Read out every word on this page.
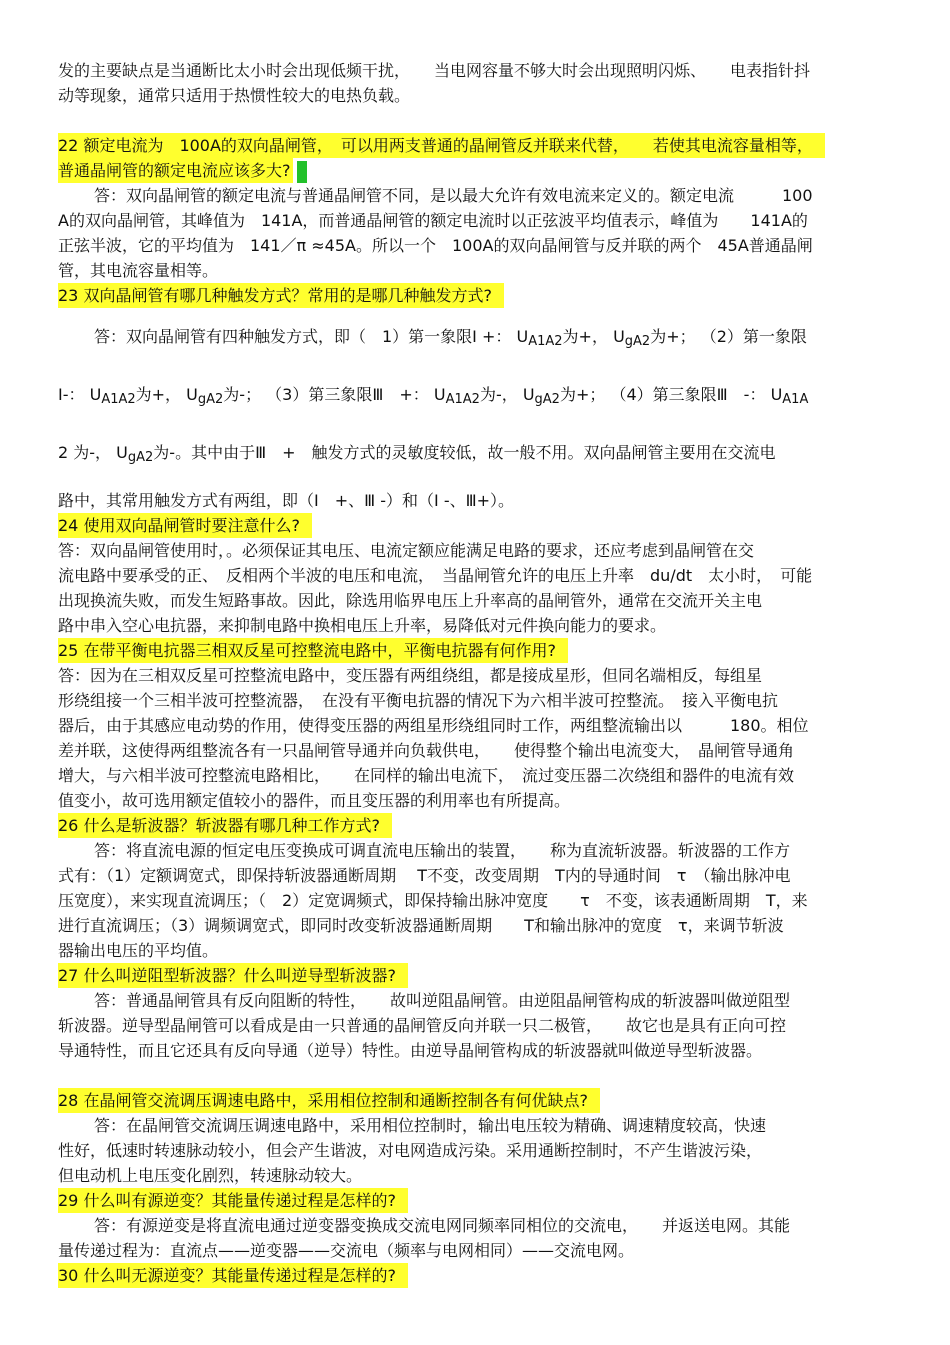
发的主要缺点是当通断比太小时会出现低频干扰，　　当电网容量不够大时会出现照明闪烁、　　电表指针抖
动等现象，通常只适用于热惯性较大的电热负载。
22 额定电流为　100A的双向晶闸管，　可以用两支普通的晶闸管反并联来代替，　　若使其电流容量相等，
普通晶闸管的额定电流应该多大?
答：双向晶闸管的额定电流与普通晶闸管不同，是以最大允许有效电流来定义的。额定电流　　　100
A的双向晶闸管，其峰值为　141A，而普通晶闸管的额定电流时以正弦波平均值表示，峰值为　　141A的
正弦半波，它的平均值为　141／π ≈45A。所以一个　100A的双向晶闸管与反并联的两个　45A普通晶闸
管，其电流容量相等。
23 双向晶闸管有哪几种触发方式？常用的是哪几种触发方式?
答：双向晶闸管有四种触发方式，即（　1）第一象限Ⅰ +： $U_{A1A2}$为+， $U_{gA2}$为+； （2）第一象限
Ⅰ-： $U_{A1A2}$为+， $U_{gA2}$为-； （3）第三象限Ⅲ　+： $U_{A1A2}$为-， $U_{gA2}$为+； （4）第三象限Ⅲ　-： $U_{A1A}$
2 为-， $U_{gA2}$为-。其中由于Ⅲ　+　触发方式的灵敏度较低，故一般不用。双向晶闸管主要用在交流电
路中，其常用触发方式有两组，即（Ⅰ　+、Ⅲ -）和（Ⅰ -、Ⅲ+）。
24 使用双向晶闸管时要注意什么?
答：双向晶闸管使用时，。必须保证其电压、电流定额应能满足电路的要求，还应考虑到晶闸管在交
流电路中要承受的正、　反相两个半波的电压和电流，　当晶闸管允许的电压上升率　du/dt　太小时，　可能
出现换流失败，而发生短路事故。因此，除选用临界电压上升率高的晶闸管外，通常在交流开关主电
路中串入空心电抗器，来抑制电路中换相电压上升率，易降低对元件换向能力的要求。
25 在带平衡电抗器三相双反星可控整流电路中，平衡电抗器有何作用?
答：因为在三相双反星可控整流电路中，变压器有两组绕组，都是接成星形，但同名端相反，每组星
形绕组接一个三相半波可控整流器，　在没有平衡电抗器的情况下为六相半波可控整流。　接入平衡电抗
器后，由于其感应电动势的作用，使得变压器的两组星形绕组同时工作，两组整流输出以　　　180。相位
差并联，这使得两组整流各有一只晶闸管导通并向负载供电，　　使得整个输出电流变大，　晶闸管导通角
增大，与六相半波可控整流电路相比，　　在同样的输出电流下，　流过变压器二次绕组和器件的电流有效
值变小，故可选用额定值较小的器件，而且变压器的利用率也有所提高。
26 什么是斩波器？斩波器有哪几种工作方式?
答：将直流电源的恒定电压变换成可调直流电压输出的装置，　　称为直流斩波器。斩波器的工作方
式有：（1）定额调宽式，即保持斩波器通断周期　 T不变，改变周期　T内的导通时间　τ　（输出脉冲电
压宽度），来实现直流调压；（　2）定宽调频式，即保持输出脉冲宽度　　τ　不变，该表通断周期　T，来
进行直流调压；（3）调频调宽式，即同时改变斩波器通断周期　　T和输出脉冲的宽度　τ，来调节斩波
器输出电压的平均值。
27 什么叫逆阻型斩波器？什么叫逆导型斩波器?
答：普通晶闸管具有反向阻断的特性，　　故叫逆阻晶闸管。由逆阻晶闸管构成的斩波器叫做逆阻型
斩波器。逆导型晶闸管可以看成是由一只普通的晶闸管反向并联一只二极管，　　故它也是具有正向可控
导通特性，而且它还具有反向导通（逆导）特性。由逆导晶闸管构成的斩波器就叫做逆导型斩波器。
28 在晶闸管交流调压调速电路中，采用相位控制和通断控制各有何优缺点?
答：在晶闸管交流调压调速电路中，采用相位控制时，输出电压较为精确、调速精度较高，快速
性好，低速时转速脉动较小，但会产生谐波，对电网造成污染。采用通断控制时，不产生谐波污染，
但电动机上电压变化剧烈，转速脉动较大。
29 什么叫有源逆变？其能量传递过程是怎样的?
答：有源逆变是将直流电通过逆变器变换成交流电网同频率同相位的交流电，　　并返送电网。其能
量传递过程为：直流点——逆变器——交流电（频率与电网相同）——交流电网。
30 什么叫无源逆变？其能量传递过程是怎样的?
